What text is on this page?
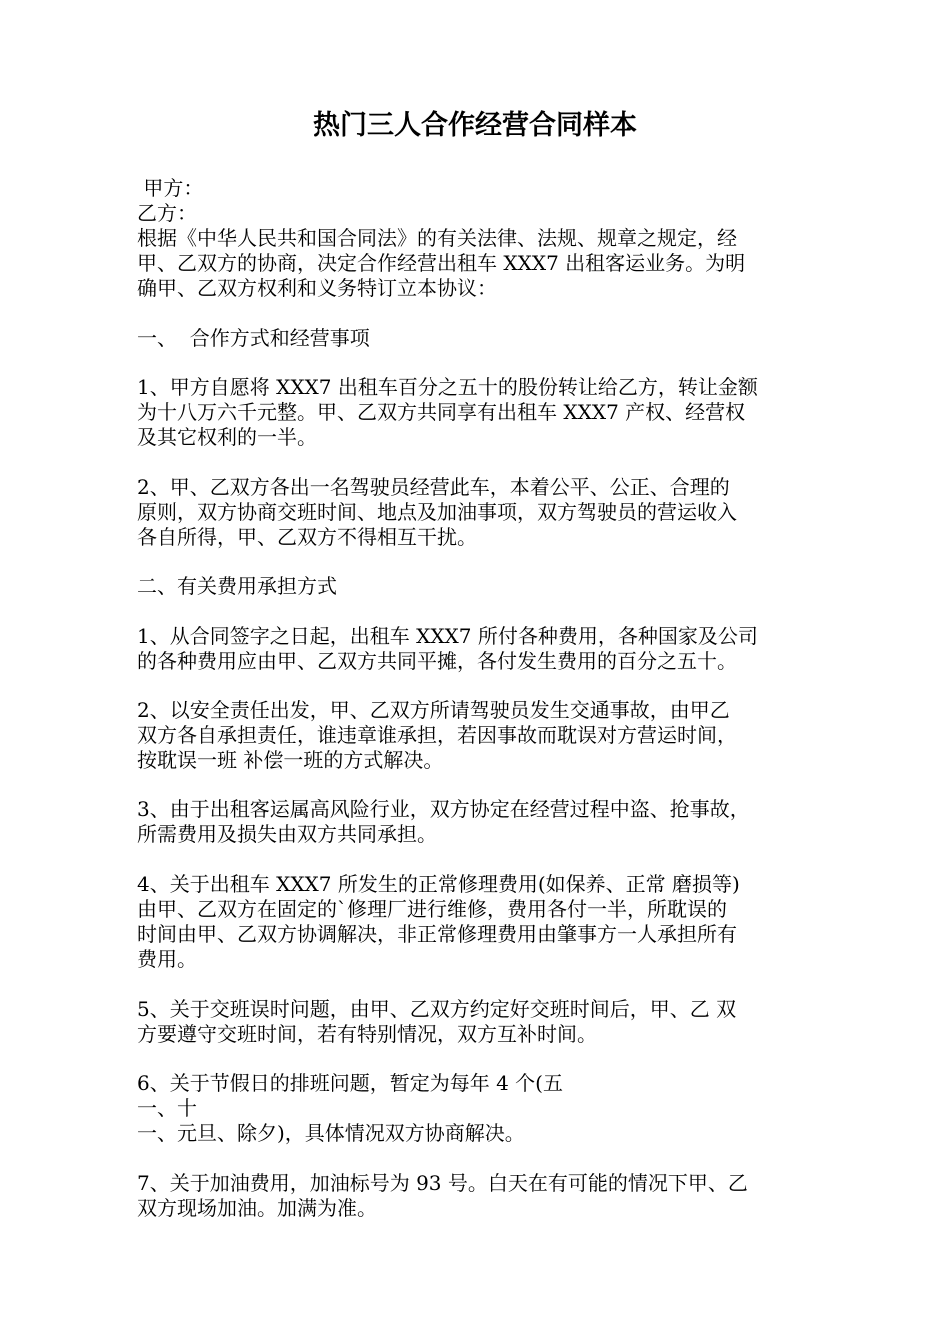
热门三人合作经营合同样本
甲方：
乙方：
根据《中华人民共和国合同法》的有关法律、法规、规章之规定，经
甲、乙双方的协商，决定合作经营出租车 XXX7 出租客运业务。为明
确甲、乙双方权利和义务特订立本协议：
一、  合作方式和经营事项
1、甲方自愿将 XXX7 出租车百分之五十的股份转让给乙方，转让金额
为十八万六千元整。甲、乙双方共同享有出租车 XXX7 产权、经营权
及其它权利的一半。
2、甲、乙双方各出一名驾驶员经营此车，本着公平、公正、合理的
原则，双方协商交班时间、地点及加油事项，双方驾驶员的营运收入
各自所得，甲、乙双方不得相互干扰。
二、有关费用承担方式
1、从合同签字之日起，出租车 XXX7 所付各种费用，各种国家及公司
的各种费用应由甲、乙双方共同平摊，各付发生费用的百分之五十。
2、以安全责任出发，甲、乙双方所请驾驶员发生交通事故，由甲乙
双方各自承担责任，谁违章谁承担，若因事故而耽误对方营运时间，
按耽误一班 补偿一班的方式解决。
3、由于出租客运属高风险行业，双方协定在经营过程中盗、抢事故，
所需费用及损失由双方共同承担。
4、关于出租车 XXX7 所发生的正常修理费用(如保养、正常 磨损等)
由甲、乙双方在固定的`修理厂进行维修，费用各付一半，所耽误的
时间由甲、乙双方协调解决，非正常修理费用由肇事方一人承担所有
费用。
5、关于交班误时问题，由甲、乙双方约定好交班时间后，甲、乙 双
方要遵守交班时间，若有特别情况，双方互补时间。
6、关于节假日的排班问题，暂定为每年 4 个(五
一、十
一、元旦、除夕)，具体情况双方协商解决。
7、关于加油费用，加油标号为 93 号。白天在有可能的情况下甲、乙
双方现场加油。加满为准。
